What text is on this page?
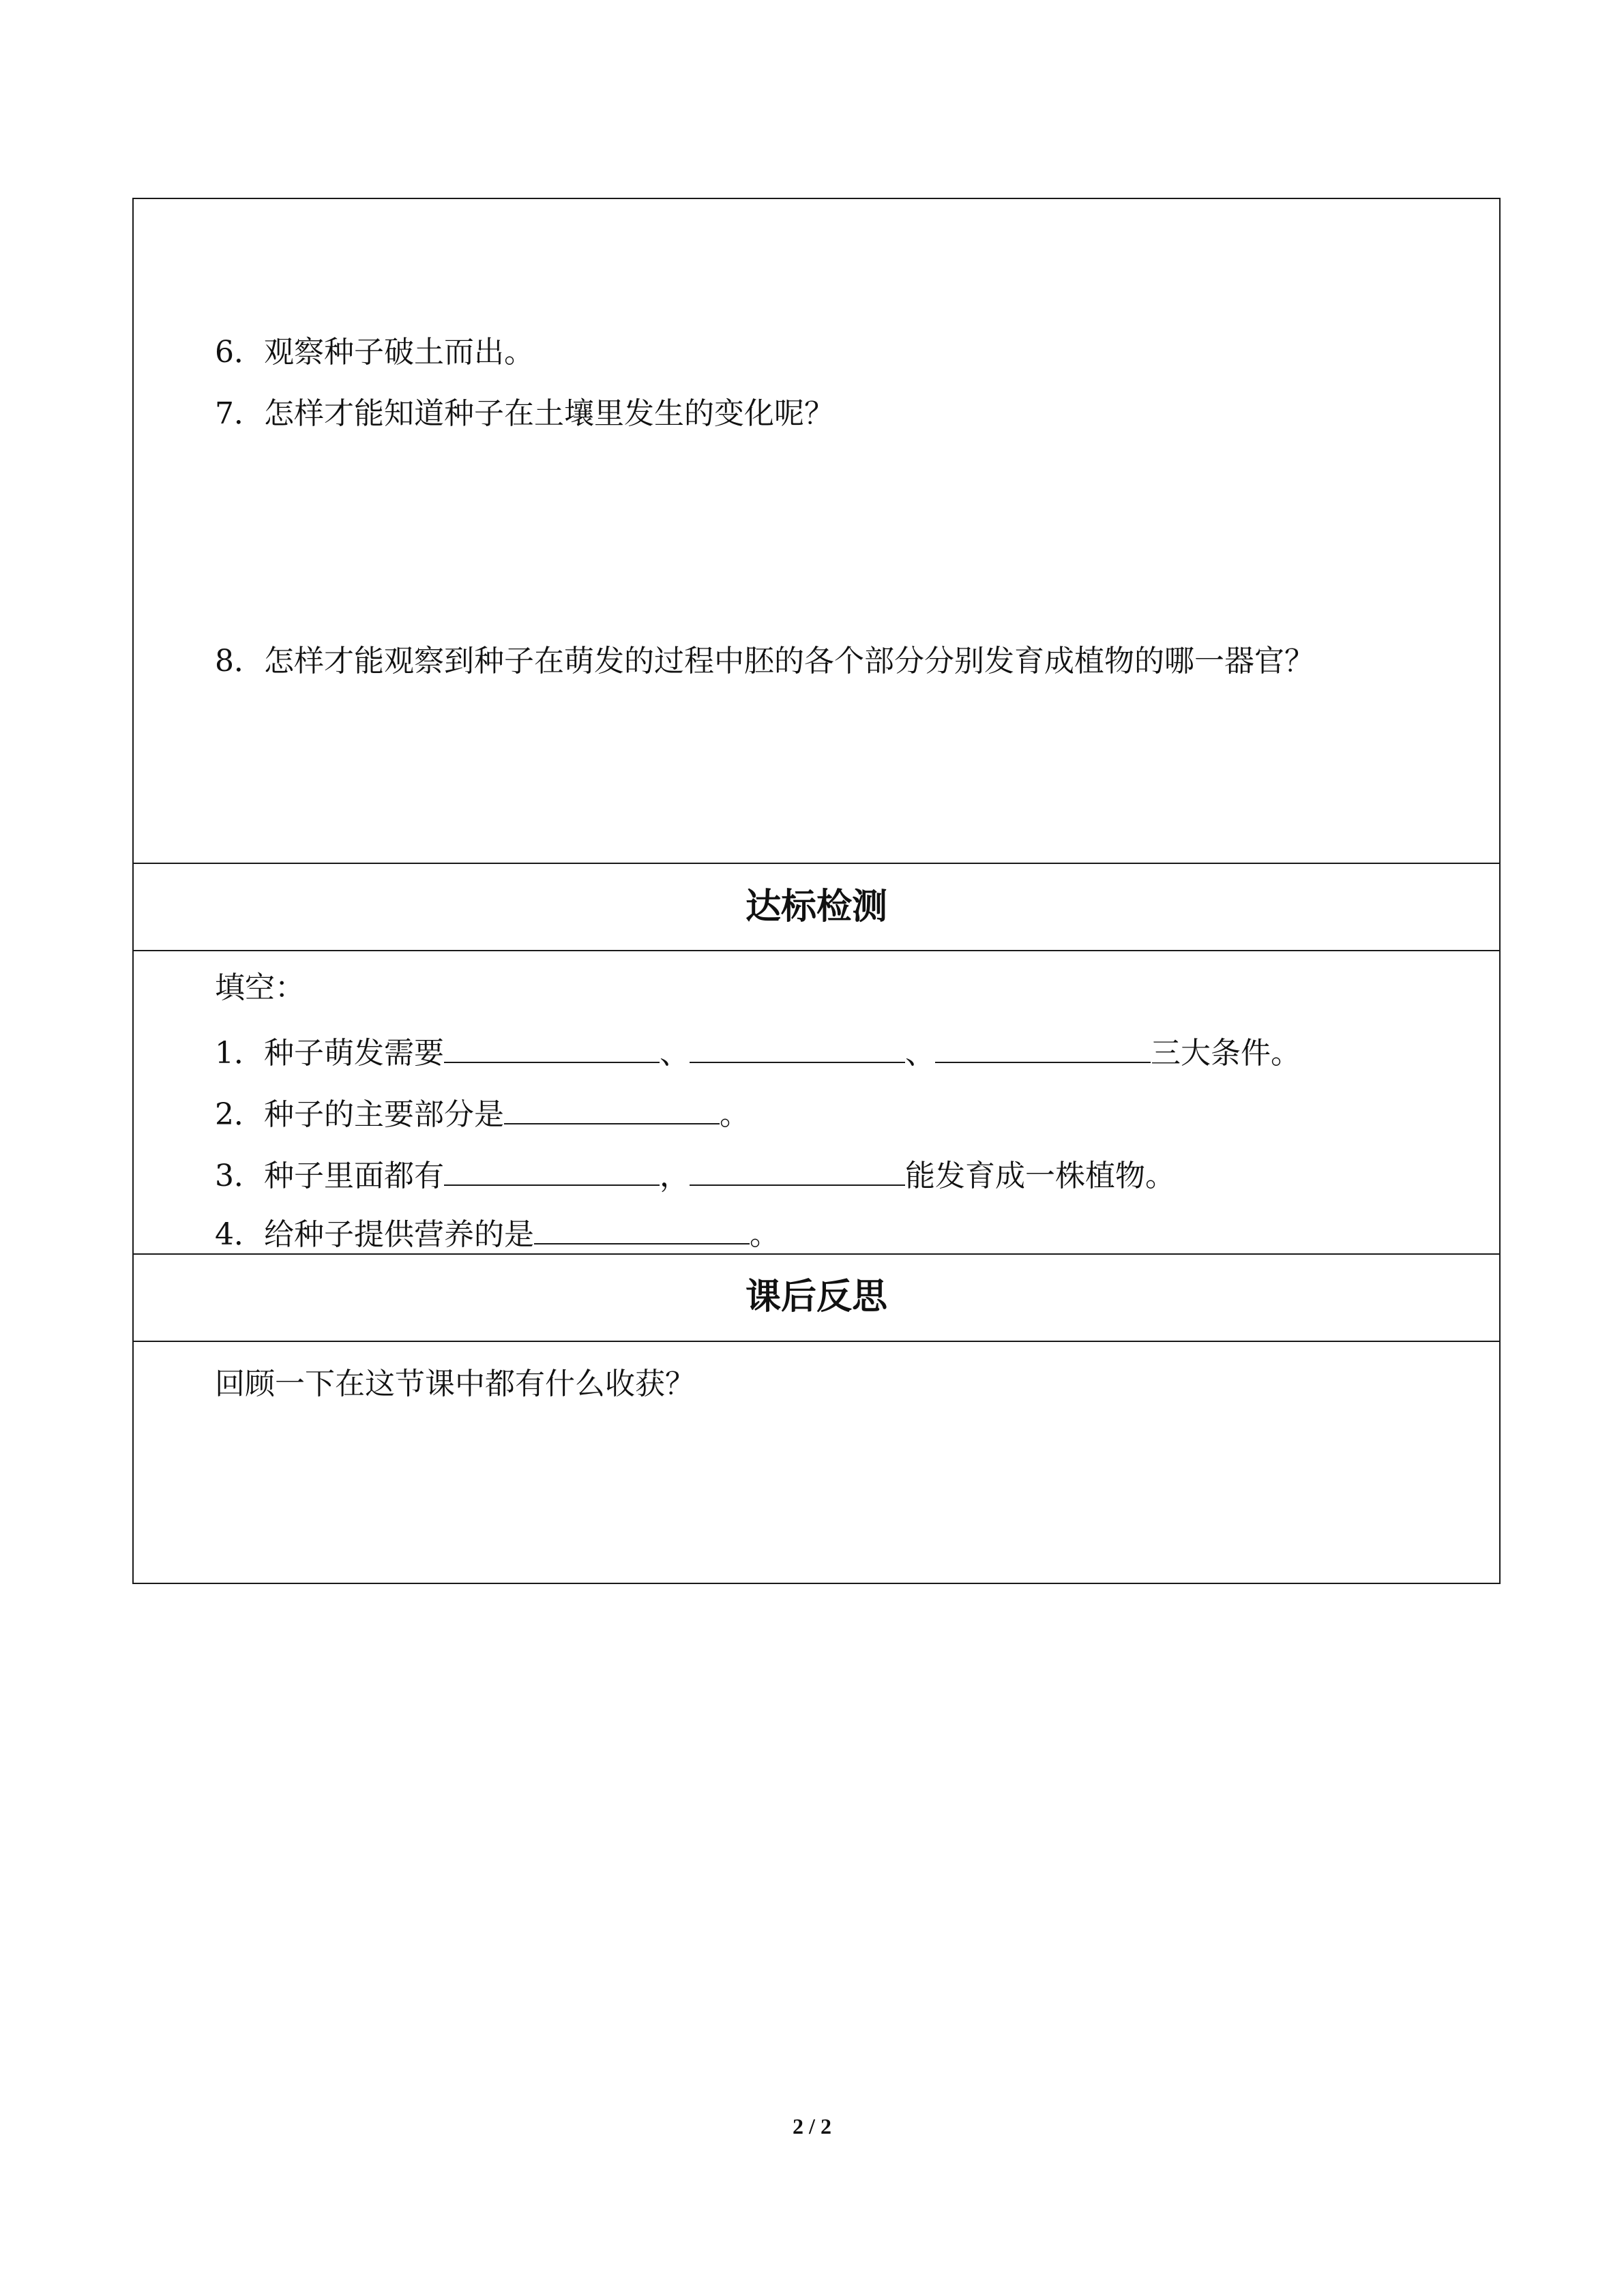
6．观察种子破土而出。
7．怎样才能知道种子在土壤里发生的变化呢？
8．怎样才能观察到种子在萌发的过程中胚的各个部分分别发育成植物的哪一器官？
达标检测
填空：
1．种子萌发需要	、	、	三大条件。
2．种子的主要部分是	。
3．种子里面都有	，	能发育成一株植物。
4．给种子提供营养的是	。
课后反思
回顾一下在这节课中都有什么收获？
2 / 2
